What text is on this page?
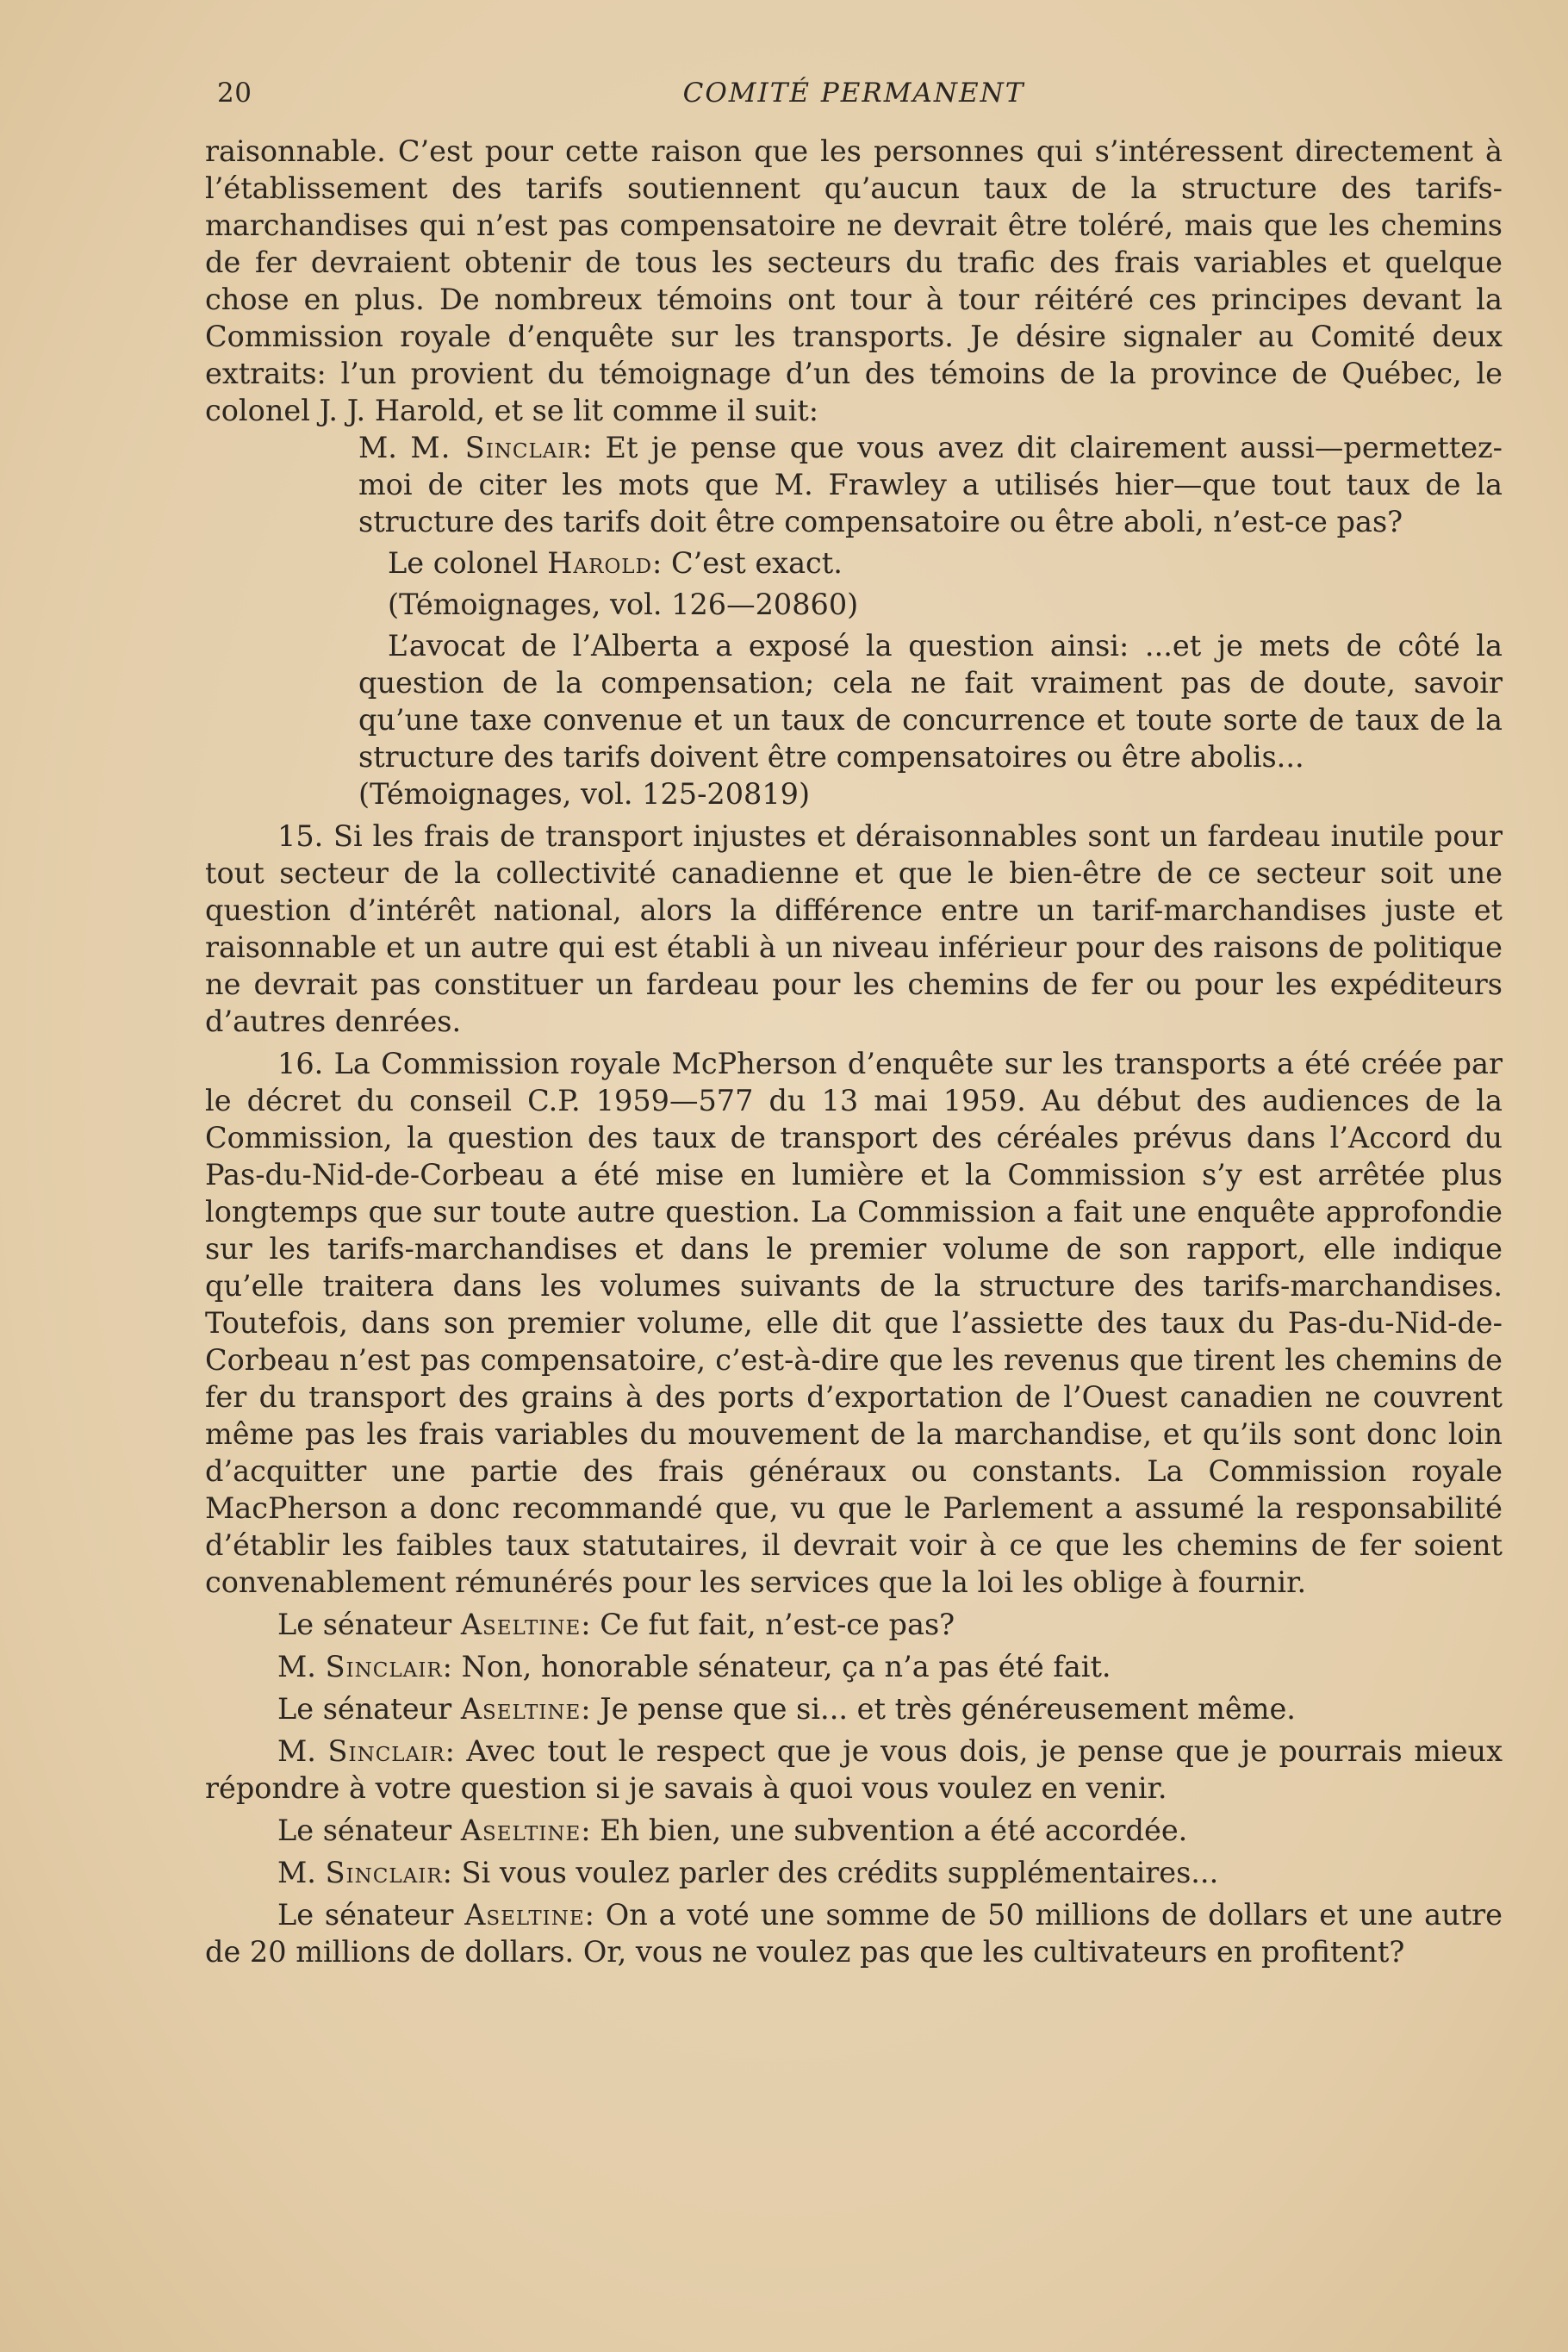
20	COMITÉ PERMANENT

raisonnable. C’est pour cette raison que les personnes qui s’intéressent directement à l’établissement des tarifs soutiennent qu’aucun taux de la structure des tarifs-marchandises qui n’est pas compensatoire ne devrait être toléré, mais que les chemins de fer devraient obtenir de tous les secteurs du trafic des frais variables et quelque chose en plus. De nombreux témoins ont tour à tour réitéré ces principes devant la Commission royale d’enquête sur les transports. Je désire signaler au Comité deux extraits: l’un provient du témoignage d’un des témoins de la province de Québec, le colonel J. J. Harold, et se lit comme il suit:

M. M. Sinclair: Et je pense que vous avez dit clairement aussi—permettez-moi de citer les mots que M. Frawley a utilisés hier—que tout taux de la structure des tarifs doit être compensatoire ou être aboli, n’est-ce pas?

Le colonel Harold: C’est exact.

(Témoignages, vol. 126—20860)

L’avocat de l’Alberta a exposé la question ainsi: ...et je mets de côté la question de la compensation; cela ne fait vraiment pas de doute, savoir qu’une taxe convenue et un taux de concurrence et toute sorte de taux de la structure des tarifs doivent être compensatoires ou être abolis...

(Témoignages, vol. 125-20819)

15. Si les frais de transport injustes et déraisonnables sont un fardeau inutile pour tout secteur de la collectivité canadienne et que le bien-être de ce secteur soit une question d’intérêt national, alors la différence entre un tarif-marchandises juste et raisonnable et un autre qui est établi à un niveau inférieur pour des raisons de politique ne devrait pas constituer un fardeau pour les chemins de fer ou pour les expéditeurs d’autres denrées.

16. La Commission royale McPherson d’enquête sur les transports a été créée par le décret du conseil C.P. 1959—577 du 13 mai 1959. Au début des audiences de la Commission, la question des taux de transport des céréales prévus dans l’Accord du Pas-du-Nid-de-Corbeau a été mise en lumière et la Commission s’y est arrêtée plus longtemps que sur toute autre question. La Commission a fait une enquête approfondie sur les tarifs-marchandises et dans le premier volume de son rapport, elle indique qu’elle traitera dans les volumes suivants de la structure des tarifs-marchandises. Toutefois, dans son premier volume, elle dit que l’assiette des taux du Pas-du-Nid-de-Corbeau n’est pas compensatoire, c’est-à-dire que les revenus que tirent les chemins de fer du transport des grains à des ports d’exportation de l’Ouest canadien ne couvrent même pas les frais variables du mouvement de la marchandise, et qu’ils sont donc loin d’acquitter une partie des frais généraux ou constants. La Commission royale MacPherson a donc recommandé que, vu que le Parlement a assumé la responsabilité d’établir les faibles taux statutaires, il devrait voir à ce que les chemins de fer soient convenablement rémunérés pour les services que la loi les oblige à fournir.

Le sénateur Aseltine: Ce fut fait, n’est-ce pas?

M. Sinclair: Non, honorable sénateur, ça n’a pas été fait.

Le sénateur Aseltine: Je pense que si... et très généreusement même.

M. Sinclair: Avec tout le respect que je vous dois, je pense que je pourrais mieux répondre à votre question si je savais à quoi vous voulez en venir.

Le sénateur Aseltine: Eh bien, une subvention a été accordée.

M. Sinclair: Si vous voulez parler des crédits supplémentaires...

Le sénateur Aseltine: On a voté une somme de 50 millions de dollars et une autre de 20 millions de dollars. Or, vous ne voulez pas que les cultivateurs en profitent?
